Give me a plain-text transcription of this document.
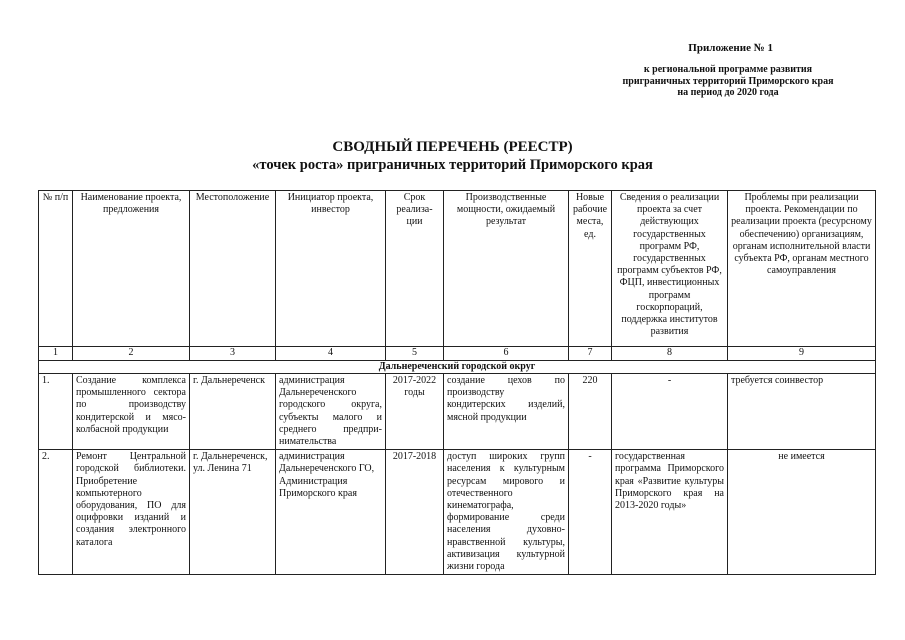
Приложение № 1
к региональной программе развития
приграничных территорий Приморского края
на период до 2020 года
СВОДНЫЙ ПЕРЕЧЕНЬ (РЕЕСТР)
«точек роста» приграничных территорий Приморского края
№ п/п	Наименование проекта, предложения	Местоположение	Инициатор проекта, инвестор	Срок реализа-ции	Производственные мощности, ожидаемый результат	Новые рабочие места, ед.	Сведения о реализации проекта за счет действующих государственных программ РФ, государственных программ субъектов РФ, ФЦП, инвестиционных программ госкорпораций, поддержка институтов развития	Проблемы при реализации проекта. Рекомендации по реализации проекта (ресурсному обеспечению) организациям, органам исполнительной власти субъекта РФ, органам местного самоуправления
1	2	3	4	5	6	7	8	9
Дальнереченский городской округ								
1.	Создание комплекса промышленного сектора по производству кондитерской и мясо-колбасной продукции	г. Дальнереченск	администрация Дальнереченского городского округа, субъекты малого и среднего предпри-нимательства	2017-2022 годы	создание цехов по производству кондитерских изделий, мясной продукции	220	-	требуется соинвестор
2.	Ремонт Центральной городской библиотеки. Приобретение компьютерного оборудования, ПО для оцифровки изданий и создания электронного каталога	г. Дальнереченск, ул. Ленина 71	администрация Дальнереченского ГО, Администрация Приморского края	2017-2018	доступ широких групп населения к культурным ресурсам мирового и отечественного кинематографа, формирование среди населения духовно-нравственной культуры, активизация культурной жизни города	-	государственная программа Приморского края «Развитие культуры Приморского края на 2013-2020 годы»	не имеется
